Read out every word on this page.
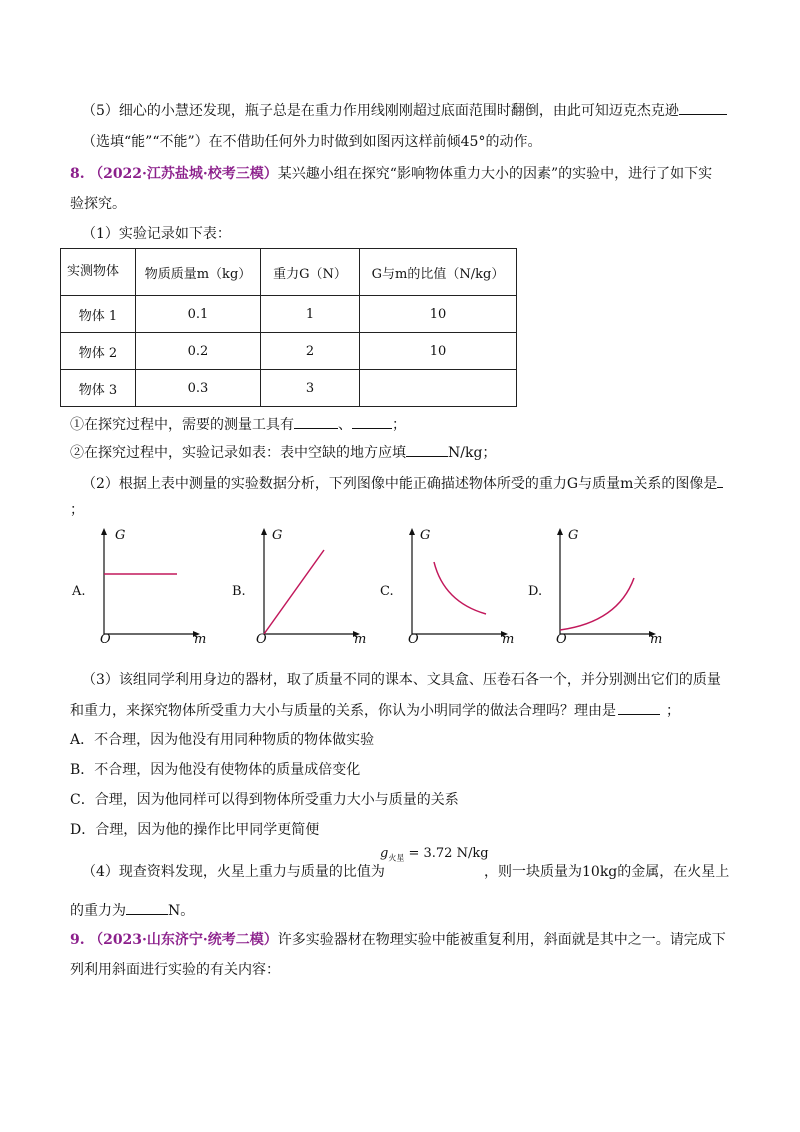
（5）细心的小慧还发现，瓶子总是在重力作用线刚刚超过底面范围时翻倒，由此可知迈克杰克逊
（选填“能”“不能”）在不借助任何外力时做到如图丙这样前倾45°的动作。
8. （2022·江苏盐城·校考三模）某兴趣小组在探究“影响物体重力大小的因素”的实验中，进行了如下实
验探究。
（1）实验记录如下表：
实测物体	物质质量m（kg）	重力G（N）	G与m的比值（N/kg）
物体 1	0.1	1	10
物体 2	0.2	2	10
物体 3	0.3	3	
①在探究过程中，需要的测量工具有	、	；
②在探究过程中，实验记录如表：表中空缺的地方应填	N/kg；
（2）根据上表中测量的实验数据分析，下列图像中能正确描述物体所受的重力G与质量m关系的图像是
；
A.
G
O	m
B.
G
O	m
C.
G
O	m
D.
G
O	m
（3）该组同学利用身边的器材，取了质量不同的课本、文具盒、压卷石各一个，并分别测出它们的质量
和重力，来探究物体所受重力大小与质量的关系，你认为小明同学的做法合理吗？理由是	；
A．不合理，因为他没有用同种物质的物体做实验
B．不合理，因为他没有使物体的质量成倍变化
C．合理，因为他同样可以得到物体所受重力大小与质量的关系
D．合理，因为他的操作比甲同学更简便
（4）现查资料发现，火星上重力与质量的比值为
$g_{火星} = 3.72$ N/kg
，则一块质量为10kg的金属，在火星上
的重力为	N。
9. （2023·山东济宁·统考二模）许多实验器材在物理实验中能被重复利用，斜面就是其中之一。请完成下
列利用斜面进行实验的有关内容：
